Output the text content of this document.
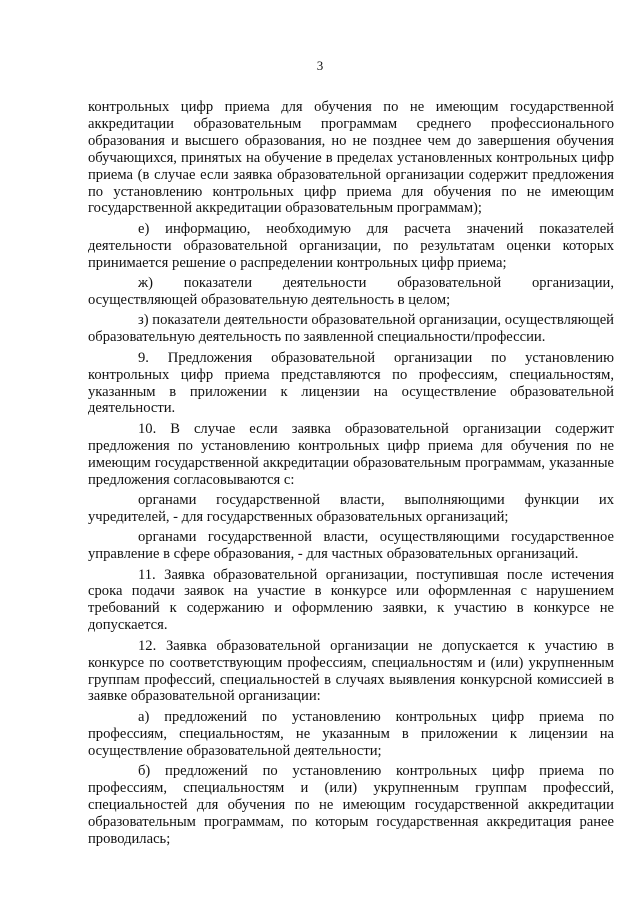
3

контрольных цифр приема для обучения по не имеющим государственной аккредитации образовательным программам среднего профессионального образования и высшего образования, но не позднее чем до завершения обучения обучающихся, принятых на обучение в пределах установленных контрольных цифр приема (в случае если заявка образовательной организации содержит предложения по установлению контрольных цифр приема для обучения по не имеющим государственной аккредитации образовательным программам);

е) информацию, необходимую для расчета значений показателей деятельности образовательной организации, по результатам оценки которых принимается решение о распределении контрольных цифр приема;

ж) показатели деятельности образовательной организации, осуществляющей образовательную деятельность в целом;

з) показатели деятельности образовательной организации, осуществляющей образовательную деятельность по заявленной специальности/профессии.

9. Предложения образовательной организации по установлению контрольных цифр приема представляются по профессиям, специальностям, указанным в приложении к лицензии на осуществление образовательной деятельности.

10. В случае если заявка образовательной организации содержит предложения по установлению контрольных цифр приема для обучения по не имеющим государственной аккредитации образовательным программам, указанные предложения согласовываются с:

органами государственной власти, выполняющими функции их учредителей, - для государственных образовательных организаций;

органами государственной власти, осуществляющими государственное управление в сфере образования, - для частных образовательных организаций.

11. Заявка образовательной организации, поступившая после истечения срока подачи заявок на участие в конкурсе или оформленная с нарушением требований к содержанию и оформлению заявки, к участию в конкурсе не допускается.

12. Заявка образовательной организации не допускается к участию в конкурсе по соответствующим профессиям, специальностям и (или) укрупненным группам профессий, специальностей в случаях выявления конкурсной комиссией в заявке образовательной организации:

а) предложений по установлению контрольных цифр приема по профессиям, специальностям, не указанным в приложении к лицензии на осуществление образовательной деятельности;

б) предложений по установлению контрольных цифр приема по профессиям, специальностям и (или) укрупненным группам профессий, специальностей для обучения по не имеющим государственной аккредитации образовательным программам, по которым государственная аккредитация ранее проводилась;
